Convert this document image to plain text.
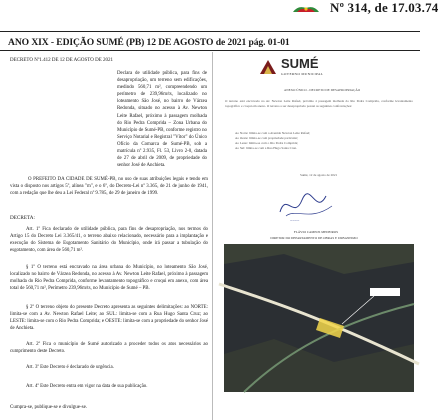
Nº 314, de 17.03.74
ANO XIX - EDIÇÃO SUMÉ (PB) 12 DE AGOSTO de 2021 pág. 01-01
DECRETO Nº1.412 DE 12 DE AGOSTO DE 2021
Declara de utilidade pública, para fins de desapropriação, um terreno sem edificações, medindo 560,71 m², compreendendo um perímetro de 239,96m/ts, localizado no loteamento São José, no bairro de Várzea Redonda, situado no acesso à Av. Newton Leite Rafael, próximo à passagem molhada do Rio Pedra Comprida – Zona Urbana do Município de Sumé-PB, conforme registro no Serviço Notarial e Registral "Vítor" do Único Ofício da Comarca de Sumé-PB, sob a matrícula nº 2.935, Fl. 53, Livro 2-0, datada de 27 de abril de 2009, de propriedade do senhor José de Anchieta.
O PREFEITO DA CIDADE DE SUMÉ-PB, no uso de suas atribuições legais e tendo em vista o disposto nos artigos 5º, alínea "m", e o 6º, do Decreto-Lei nº 3.365, de 21 de junho de 1941, com a redação que lhe deu a Lei Federal nº 9.785, de 29 de janeiro de 1999.
DECRETA:
Art. 1º Fica declarado de utilidade pública, para fins de desapropriação, nos termos do Artigo 15 do Decreto Lei 3.365/41, o terreno abaixo relacionado, necessário para a implantação e execução do Sistema de Esgotamento Sanitário do Município, onde irá passar a tubulação do esgotamento, com área de 560,71 m².
§ 1º O terreno está encravado na área urbana do Município, no loteamento São José, localizado no bairro de Várzea Redonda, no acesso à Av. Newton Leite Rafael, próximo à passagem molhada do Rio Pedra Comprida, conforme levantamento topográfico e croqui em anexo, com área total de 560,71 m², Perímetro 239,96m/ts, no Município de Sumé – PB.
§ 2º O terreno objeto do presente Decreto apresenta as seguintes delimitações: ao NORTE: limita-se com a Av. Newton Rafael Leite; ao SUL: limita-se com a Rua Hugo Santa Cruz; ao LESTE: limita-se com o Rio Pedra Comprida; e OESTE: limita-se com a propriedade do senhor José de Anchieta.
Art. 2º Fica o município de Sumé autorizado a proceder todos os atos necessários ao cumprimento deste Decreto.
Art. 3º Este Decreto é declarado de urgência.
Art. 4º Este Decreto entra em vigor na data de sua publicação.
Cumpra-se, publique-se e divulgue-se.
SUMÉ
GOVERNO MUNICIPAL
ANEXO ÚNICO - DECRETO DE DESAPROPRIAÇÃO
O terreno está encravado na Av. Newton Leite Rafael, próximo à passagem molhada do Rio Pedra Comprida, conforme levantamento topográfico e croqui em anexo. O terreno a ser desapropriado possui as seguintes confrontações:
Ao Norte: limita-se com a Avenida Newton Leite Rafael;
Ao Oeste: limita-se com propriedade particular;
Ao Leste: limita-se com o Rio Pedra Comprida;
Ao Sul: limita-se com a Rua Hugo Santa Cruz.
Sumé, 12 de agosto de 2021
~~~~
FLÁVIO CAMPOS MEDEIROS
DIRETOR DO DEPARTAMENTO DE OBRAS E URBANISMO
